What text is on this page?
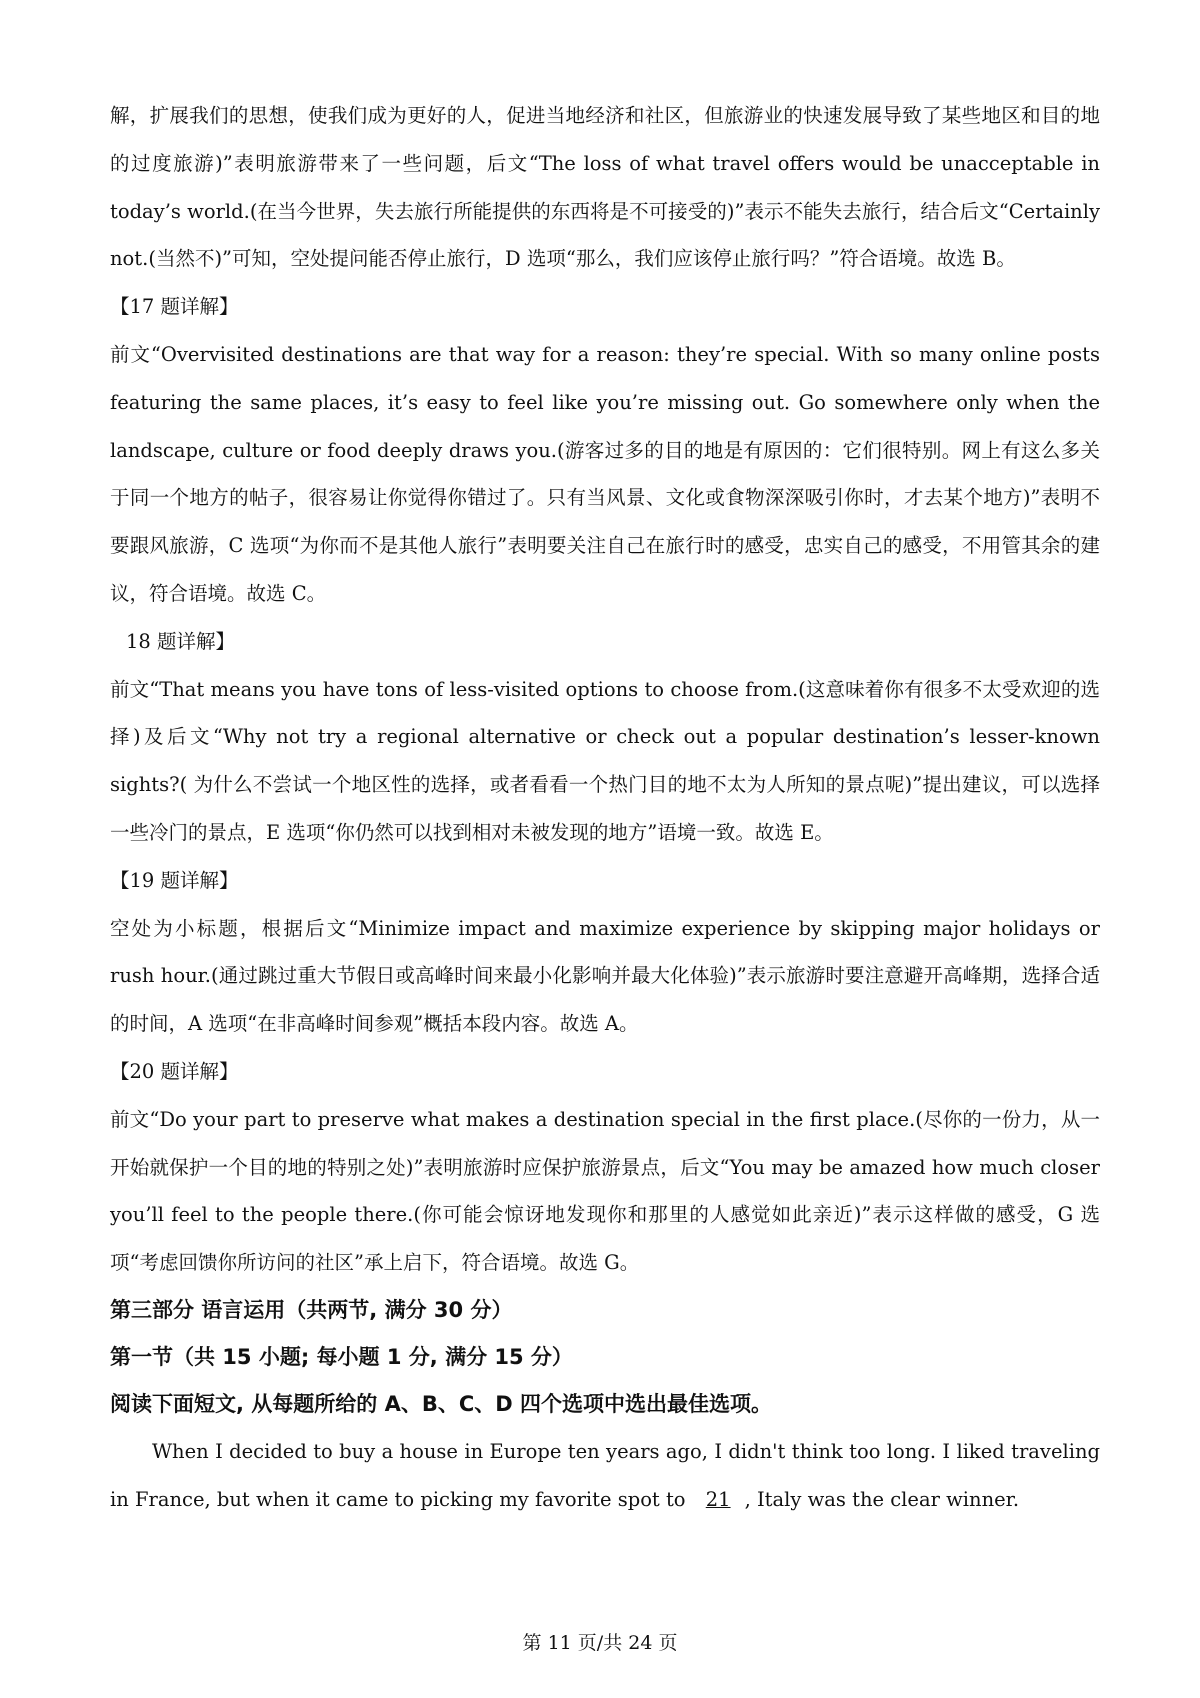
解，扩展我们的思想，使我们成为更好的人，促进当地经济和社区，但旅游业的快速发展导致了某些地区和目的地的过度旅游)”表明旅游带来了一些问题，后文“The loss of what travel offers would be unacceptable in today’s world.(在当今世界，失去旅行所能提供的东西将是不可接受的)”表示不能失去旅行，结合后文“Certainly not.(当然不)”可知，空处提问能否停止旅行，D 选项“那么，我们应该停止旅行吗？”符合语境。故选 B。

【17 题详解】

前文“Overvisited destinations are that way for a reason: they’re special. With so many online posts featuring the same places, it’s easy to feel like you’re missing out. Go somewhere only when the landscape, culture or food deeply draws you.(游客过多的目的地是有原因的：它们很特别。网上有这么多关于同一个地方的帖子，很容易让你觉得你错过了。只有当风景、文化或食物深深吸引你时，才去某个地方)”表明不要跟风旅游，C 选项“为你而不是其他人旅行”表明要关注自己在旅行时的感受，忠实自己的感受，不用管其余的建议，符合语境。故选 C。

18 题详解】

前文“That means you have tons of less-visited options to choose from.(这意味着你有很多不太受欢迎的选择)及后文“Why not try a regional alternative or check out a popular destination’s lesser-known sights?( 为什么不尝试一个地区性的选择，或者看看一个热门目的地不太为人所知的景点呢)”提出建议，可以选择一些冷门的景点，E 选项“你仍然可以找到相对未被发现的地方”语境一致。故选 E。

【19 题详解】

空处为小标题，根据后文“Minimize impact and maximize experience by skipping major holidays or rush hour.(通过跳过重大节假日或高峰时间来最小化影响并最大化体验)”表示旅游时要注意避开高峰期，选择合适的时间，A 选项“在非高峰时间参观”概括本段内容。故选 A。

【20 题详解】

前文“Do your part to preserve what makes a destination special in the first place.(尽你的一份力，从一开始就保护一个目的地的特别之处)”表明旅游时应保护旅游景点，后文“You may be amazed how much closer you’ll feel to the people there.(你可能会惊讶地发现你和那里的人感觉如此亲近)”表示这样做的感受，G 选项“考虑回馈你所访问的社区”承上启下，符合语境。故选 G。

第三部分 语言运用（共两节, 满分 30 分）
第一节（共 15 小题; 每小题 1 分, 满分 15 分）
阅读下面短文, 从每题所给的 A、B、C、D 四个选项中选出最佳选项。

When I decided to buy a house in Europe ten years ago, I didn't think too long. I liked traveling in France, but when it came to picking my favorite spot to 21 , Italy was the clear winner.

第 11 页/共 24 页
